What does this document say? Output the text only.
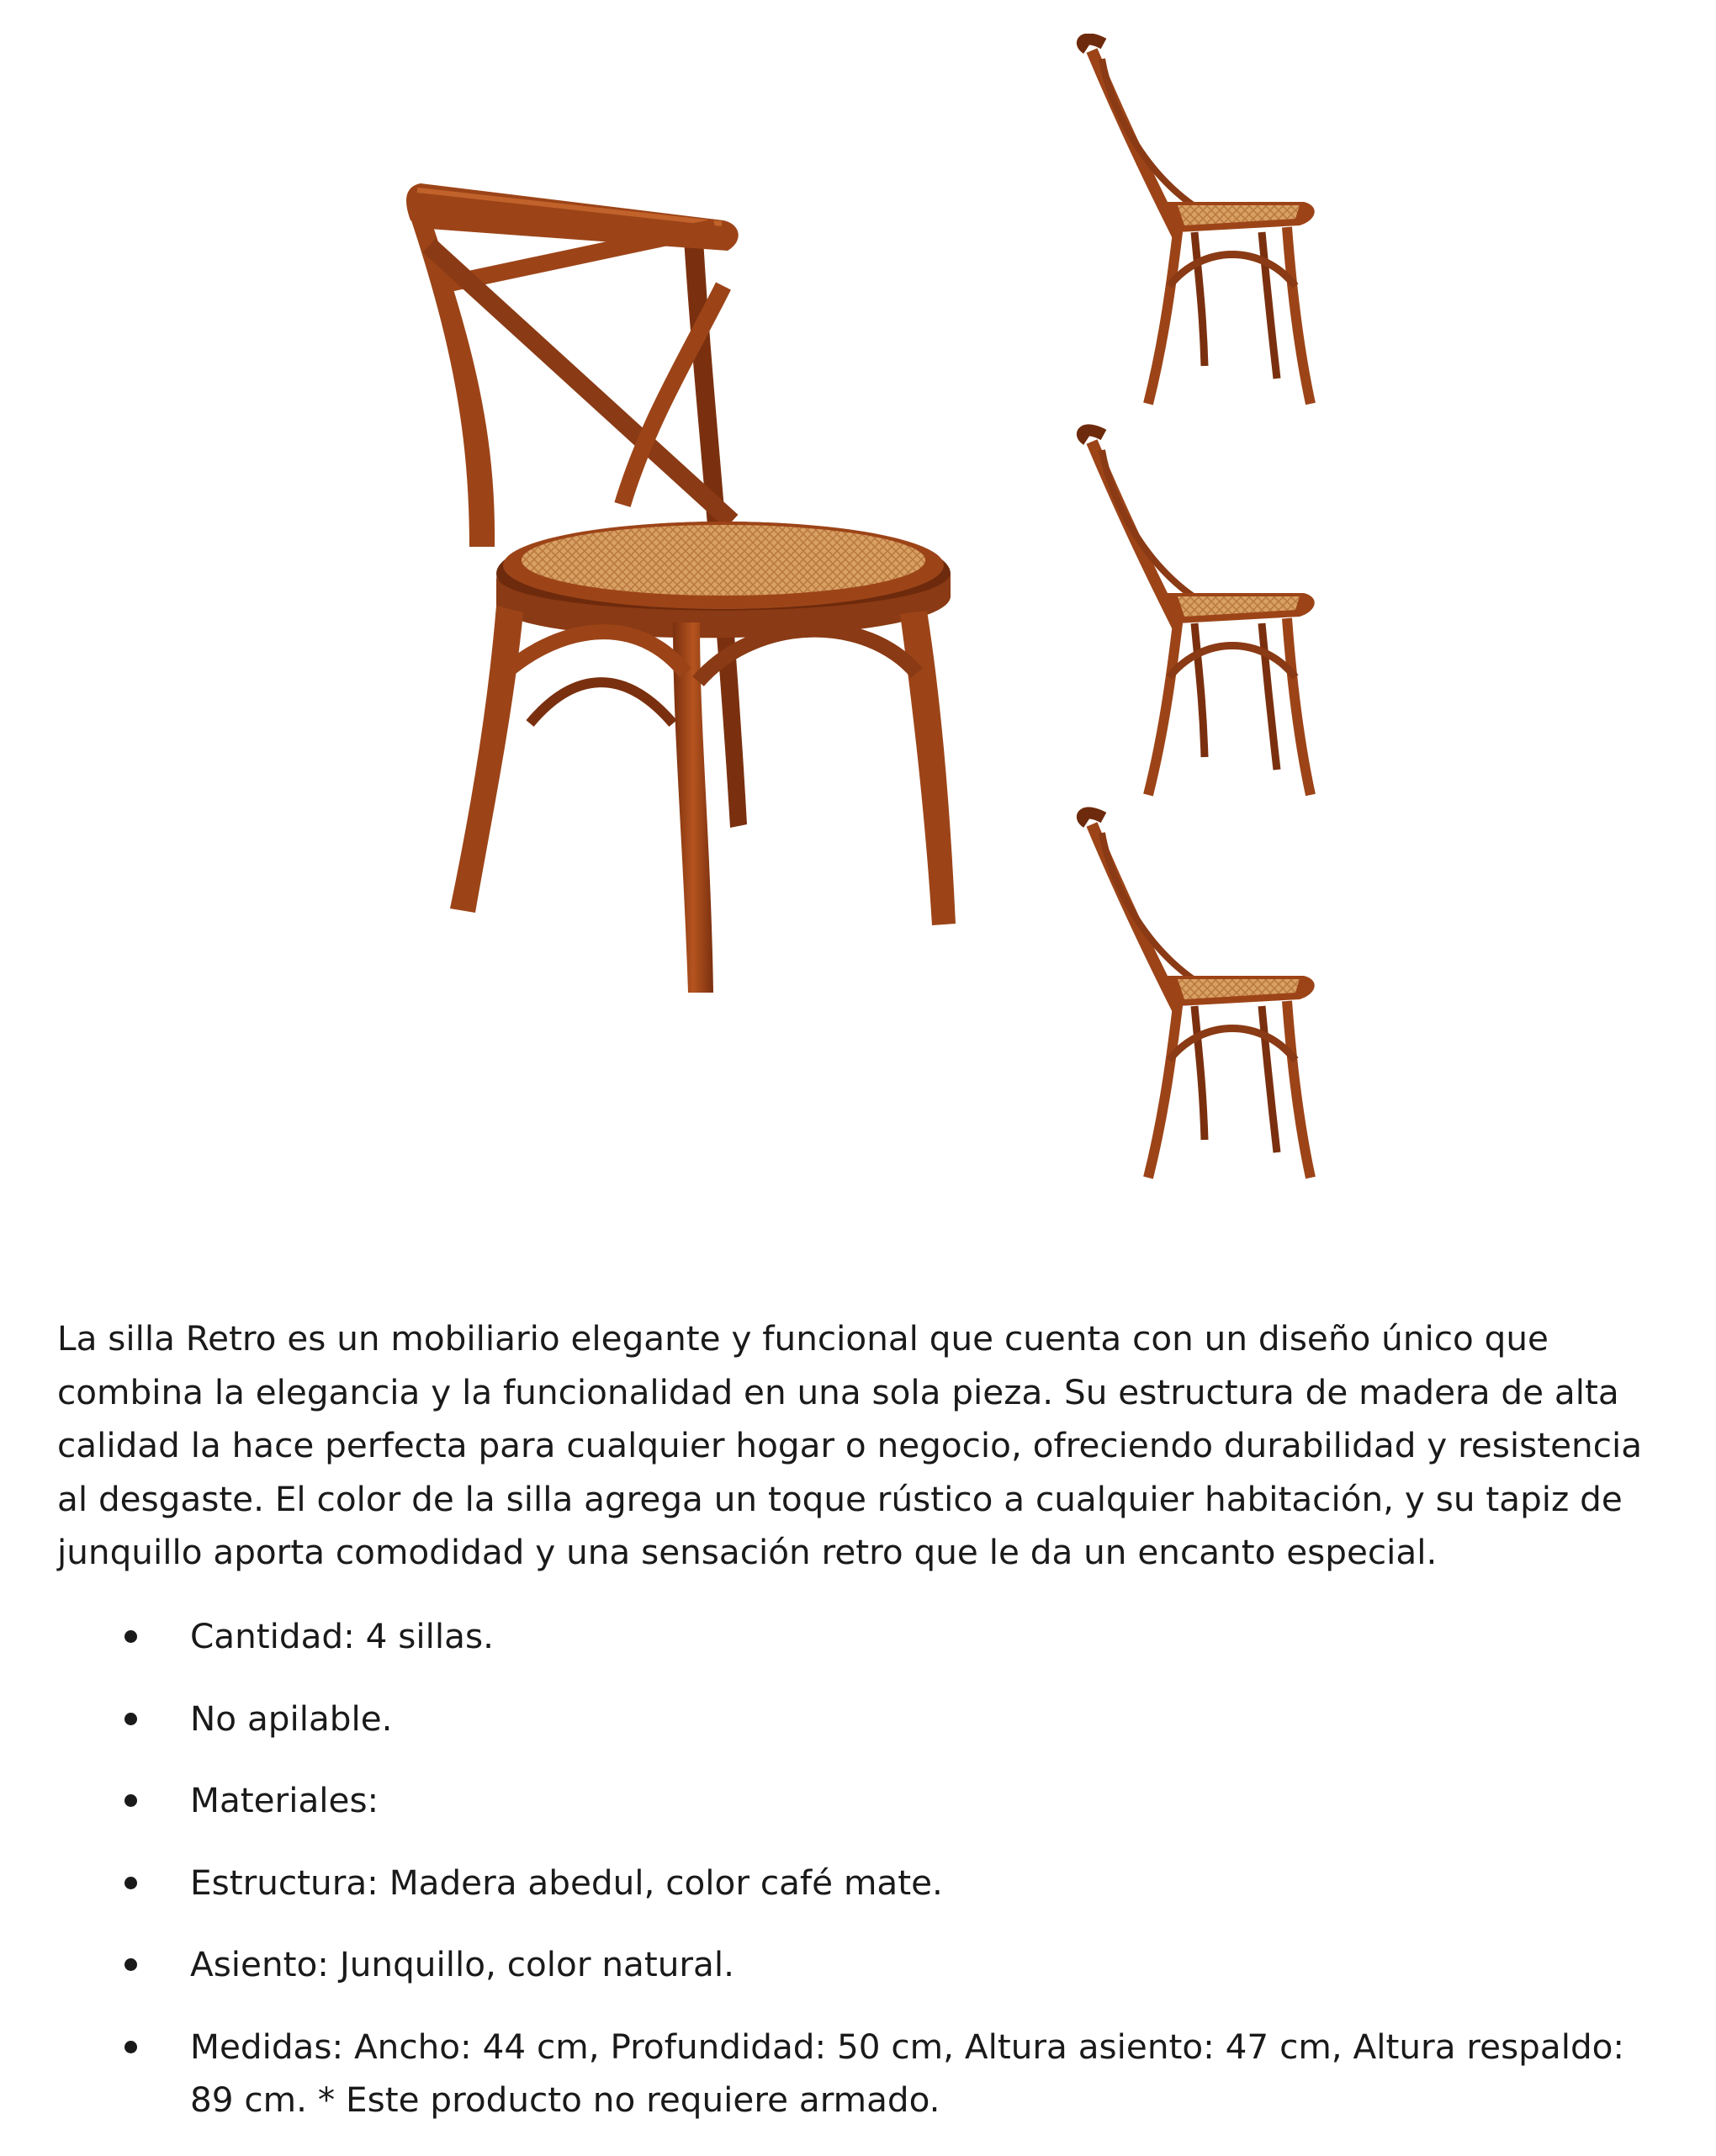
La silla Retro es un mobiliario elegante y funcional que cuenta con un diseño único que combina la elegancia y la funcionalidad en una sola pieza. Su estructura de madera de alta calidad la hace perfecta para cualquier hogar o negocio, ofreciendo durabilidad y resistencia al desgaste. El color de la silla agrega un toque rústico a cualquier habitación, y su tapiz de junquillo aporta comodidad y una sensación retro que le da un encanto especial.

Cantidad: 4 sillas.
No apilable.
Materiales:
Estructura: Madera abedul, color café mate.
Asiento: Junquillo, color natural.
Medidas: Ancho: 44 cm, Profundidad: 50 cm, Altura asiento: 47 cm, Altura respaldo: 89 cm. * Este producto no requiere armado.
